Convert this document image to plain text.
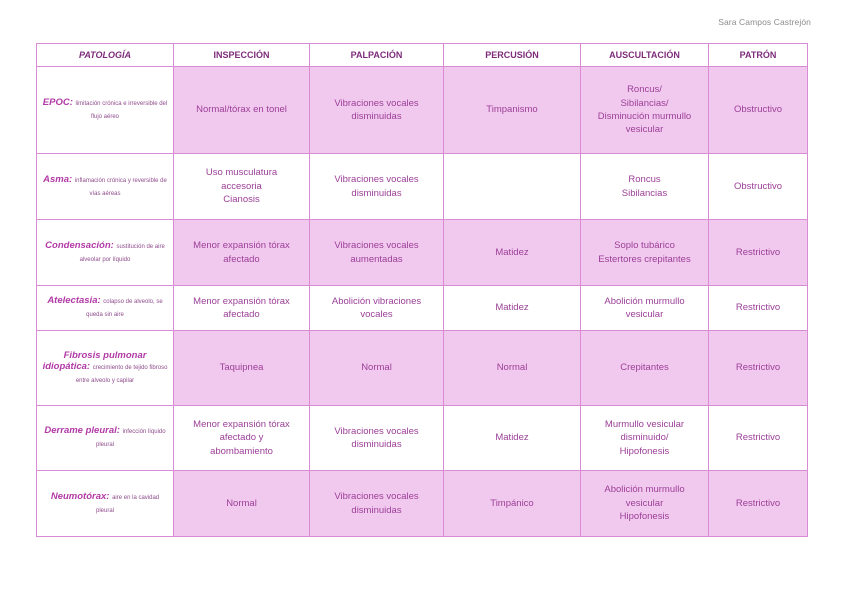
Sara Campos Castrejón
PATOLOGÍA	INSPECCIÓN	PALPACIÓN	PERCUSIÓN	AUSCULTACIÓN	PATRÓN
EPOC: limitación crónica e irreversible del flujo aéreo	Normal/tórax en tonel	Vibraciones vocales
disminuidas	Timpanismo	Roncus/
Sibilancias/
Disminución murmullo
vesicular	Obstructivo
Asma: inflamación crónica y reversible de vías aéreas	Uso musculatura
accesoria
Cianosis	Vibraciones vocales
disminuidas		Roncus
Sibilancias	Obstructivo
Condensación: sustitución de aire alveolar por líquido	Menor expansión tórax
afectado	Vibraciones vocales
aumentadas	Matidez	Soplo tubárico
Estertores crepitantes	Restrictivo
Atelectasia: colapso de alveolo, se queda sin aire	Menor expansión tórax
afectado	Abolición vibraciones
vocales	Matidez	Abolición murmullo
vesicular	Restrictivo
Fibrosis pulmonar idiopática: crecimiento de tejido fibroso entre alveolo y capilar	Taquipnea	Normal	Normal	Crepitantes	Restrictivo
Derrame pleural: infección líquido pleural	Menor expansión tórax
afectado y
abombamiento	Vibraciones vocales
disminuidas	Matidez	Murmullo vesicular
disminuido/
Hipofonesis	Restrictivo
Neumotórax: aire en la cavidad pleural	Normal	Vibraciones vocales
disminuidas	Timpánico	Abolición murmullo
vesicular
Hipofonesis	Restrictivo
